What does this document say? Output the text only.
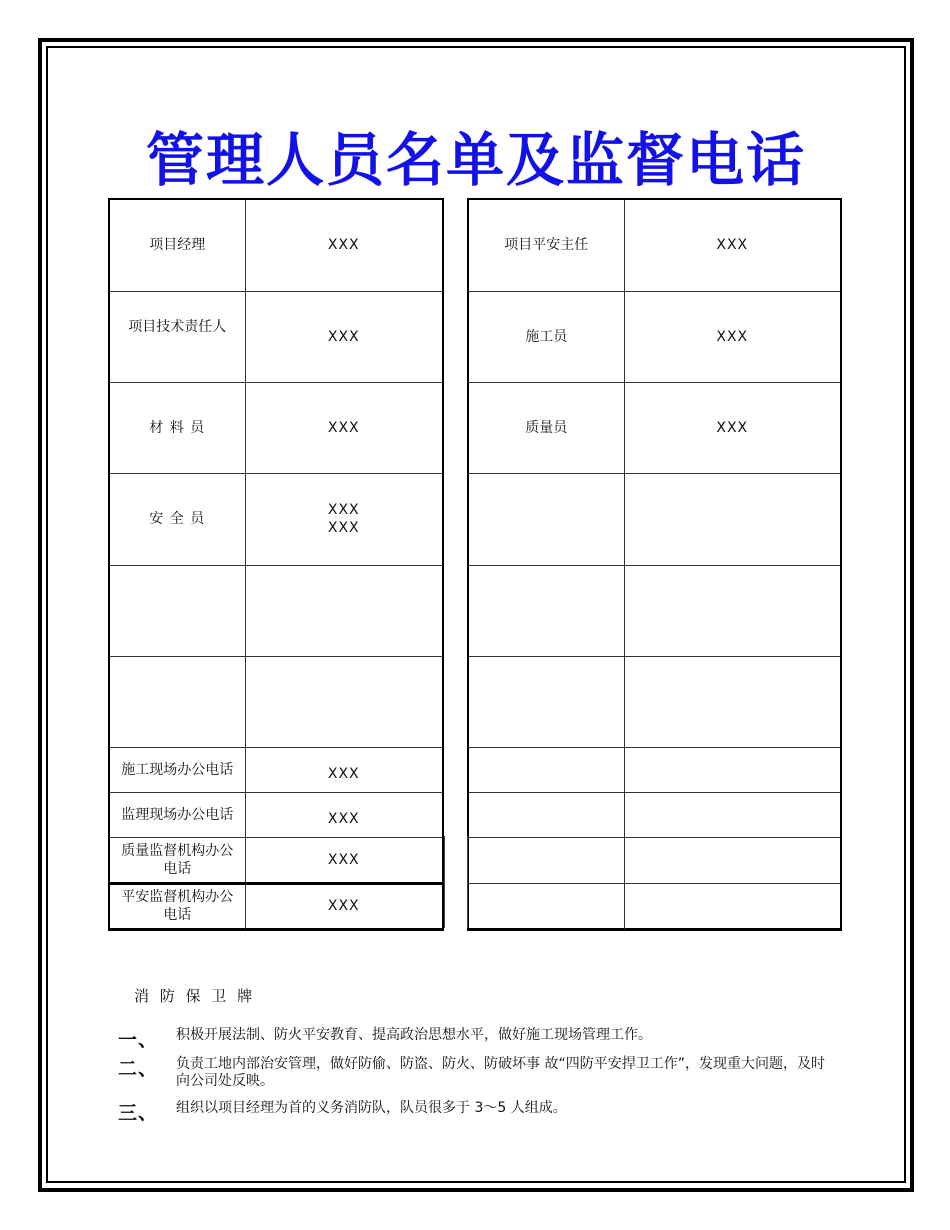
管理人员名单及监督电话
项目经理	XXX
项目技术责任人	XXX
材 料 员	XXX
安 全 员	XXX
XXX

施工现场办公电话	XXX
监理现场办公电话	XXX
质量监督机构办公电话	XXX
平安监督机构办公电话	XXX
项目平安主任	XXX
施工员	XXX
质量员	XXX

消 防 保 卫 牌
一、 积极开展法制、防火平安教育、提高政治思想水平，做好施工现场管理工作。
二、 负责工地内部治安管理，做好防偷、防盗、防火、防破坏事 故“四防平安捍卫工作”，发现重大问题，及时向公司处反映。
三、 组织以项目经理为首的义务消防队，队员很多于 3～5 人组成。
